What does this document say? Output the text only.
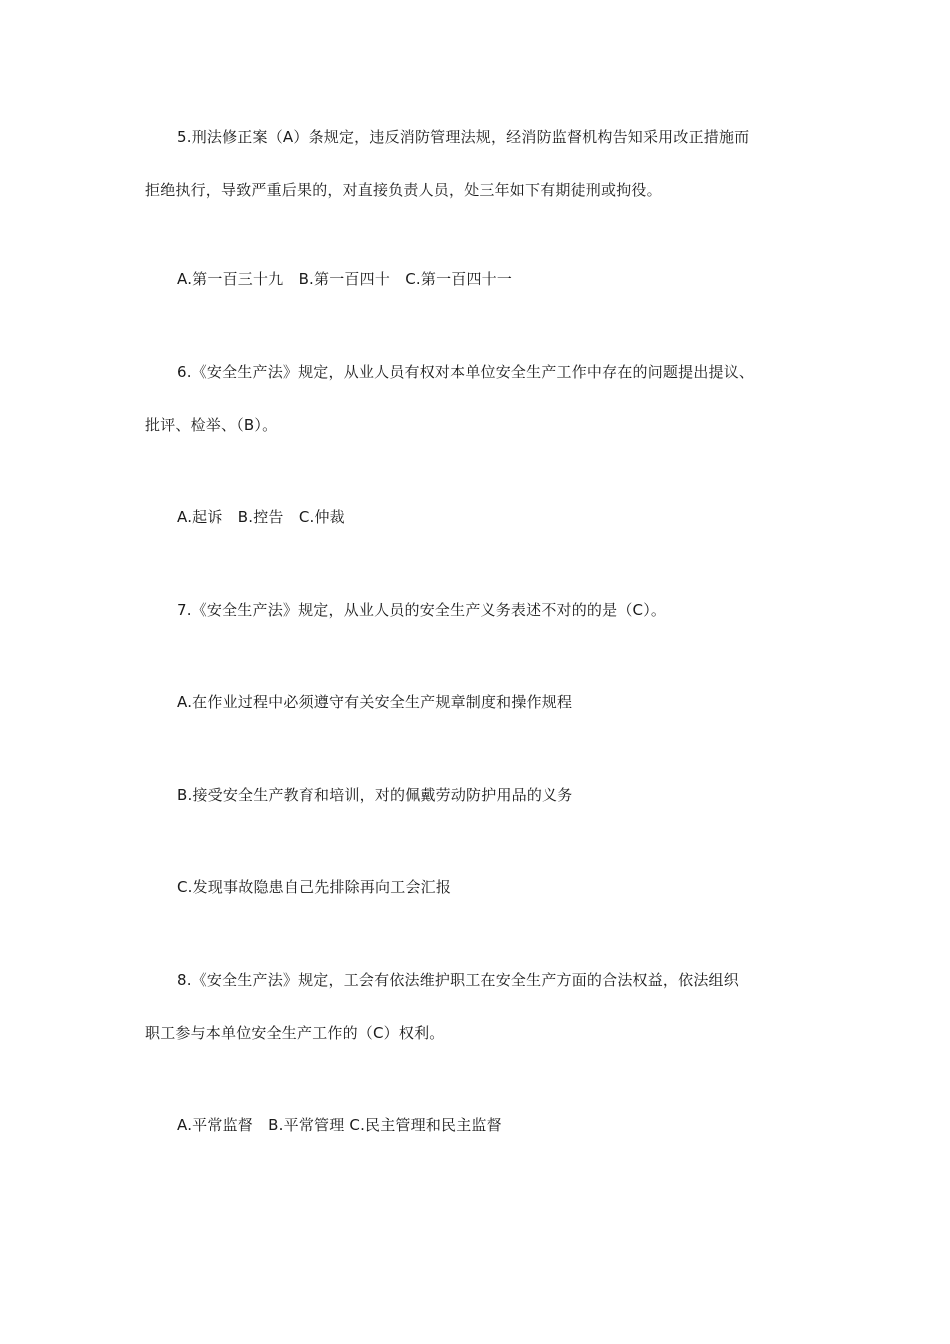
5.刑法修正案（A）条规定，违反消防管理法规，经消防监督机构告知采用改正措施而

拒绝执行，导致严重后果的，对直接负责人员，处三年如下有期徒刑或拘役。

A.第一百三十九　B.第一百四十　C.第一百四十一

6.《安全生产法》规定，从业人员有权对本单位安全生产工作中存在的问题提出提议、

批评、检举、（B）。

A.起诉　B.控告　C.仲裁

7.《安全生产法》规定，从业人员的安全生产义务表述不对的的是（C）。

A.在作业过程中必须遵守有关安全生产规章制度和操作规程

B.接受安全生产教育和培训，对的佩戴劳动防护用品的义务

C.发现事故隐患自己先排除再向工会汇报

8.《安全生产法》规定，工会有依法维护职工在安全生产方面的合法权益，依法组织

职工参与本单位安全生产工作的（C）权利。

A.平常监督　B.平常管理 C.民主管理和民主监督
